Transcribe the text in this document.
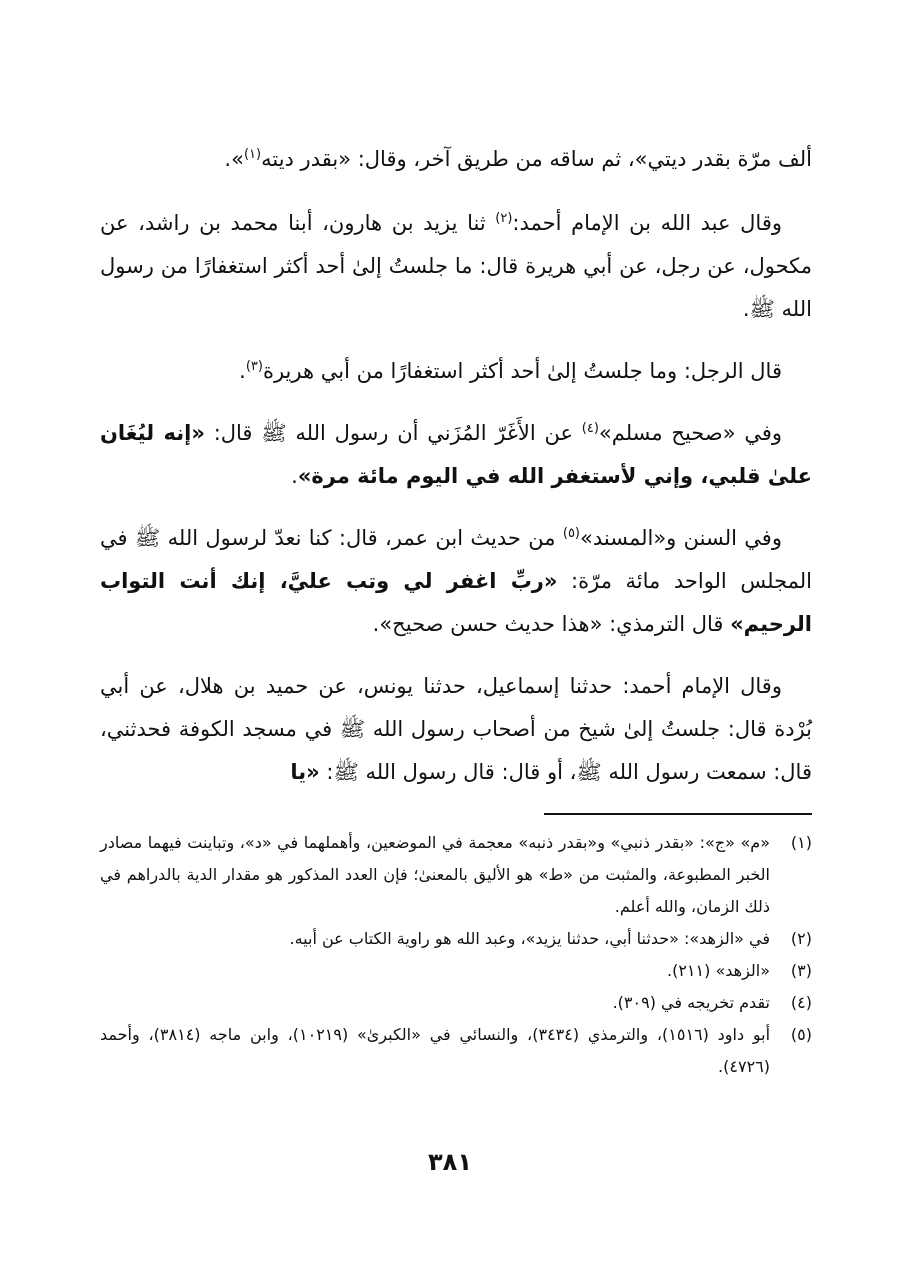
ألف مرّة بقدر ديتي»، ثم ساقه من طريق آخر، وقال: «بقدر ديته$^{(١)}$».

وقال عبد الله بن الإمام أحمد:$^{(٢)}$ ثنا يزيد بن هارون، أبنا محمد بن راشد، عن مكحول، عن رجل، عن أبي هريرة قال: ما جلستُ إلىٰ أحد أكثر استغفارًا من رسول الله ﷺ.

قال الرجل: وما جلستُ إلىٰ أحد أكثر استغفارًا من أبي هريرة$^{(٣)}$.

وفي «صحيح مسلم»$^{(٤)}$ عن الأَغَرّ المُزَني أن رسول الله ﷺ قال: «إنه ليُغَان علىٰ قلبي، وإني لأستغفر الله في اليوم مائة مرة».

وفي السنن و«المسند»$^{(٥)}$ من حديث ابن عمر، قال: كنا نعدّ لرسول الله ﷺ في المجلس الواحد مائة مرّة: «ربِّ اغفر لي وتب عليَّ، إنك أنت التواب الرحيم» قال الترمذي: «هذا حديث حسن صحيح».

وقال الإمام أحمد: حدثنا إسماعيل، حدثنا يونس، عن حميد بن هلال، عن أبي بُرْدة قال: جلستُ إلىٰ شيخ من أصحاب رسول الله ﷺ في مسجد الكوفة فحدثني، قال: سمعت رسول الله ﷺ، أو قال: قال رسول الله ﷺ: «يا

(١)
«م» «ج»: «بقدر ذنبي» و«بقدر ذنبه» معجمة في الموضعين، وأهملهما في «د»، وتباينت فيهما مصادر الخبر المطبوعة، والمثبت من «ط» هو الأليق بالمعنىٰ؛ فإن العدد المذكور هو مقدار الدية بالدراهم في ذلك الزمان، والله أعلم.
(٢)
في «الزهد»: «حدثنا أبي، حدثنا يزيد»، وعبد الله هو راوية الكتاب عن أبيه.
(٣)
«الزهد» (٢١١).
(٤)
تقدم تخريجه في (٣٠٩).
(٥)
أبو داود (١٥١٦)، والترمذي (٣٤٣٤)، والنسائي في «الكبرىٰ» (١٠٢١٩)، وابن ماجه (٣٨١٤)، وأحمد (٤٧٢٦).
٣٨١
